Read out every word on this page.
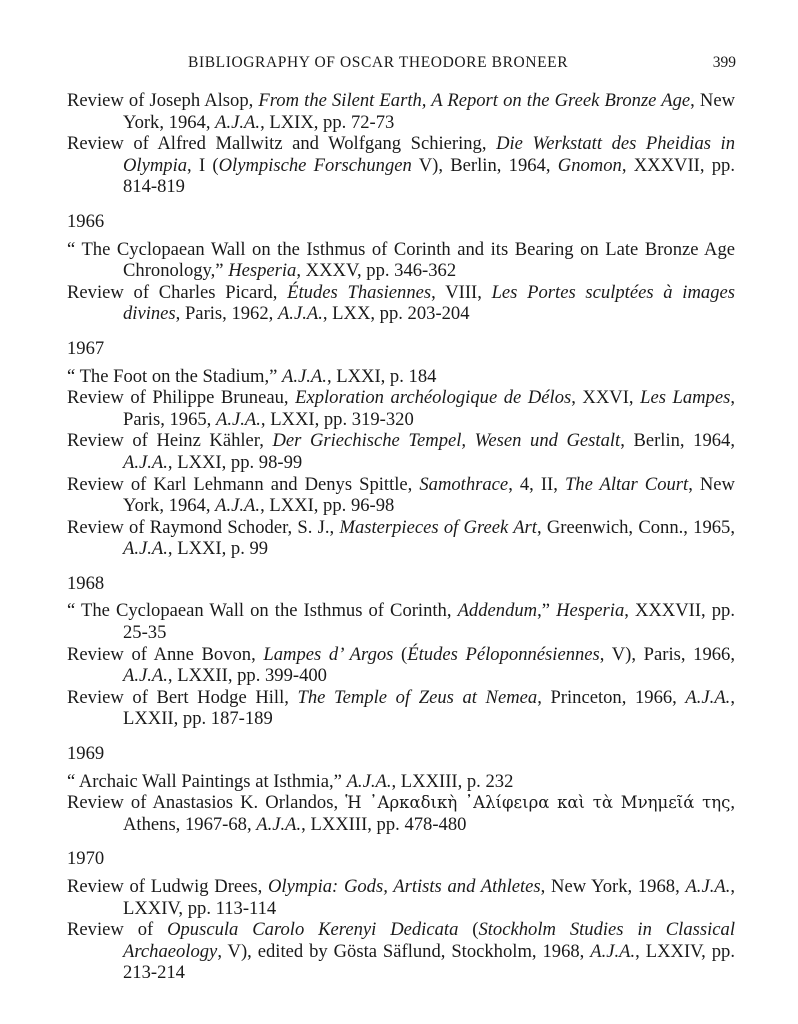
BIBLIOGRAPHY OF OSCAR THEODORE BRONEER	399
Review of Joseph Alsop, From the Silent Earth, A Report on the Greek Bronze Age, New York, 1964, A.J.A., LXIX, pp. 72-73
Review of Alfred Mallwitz and Wolfgang Schiering, Die Werkstatt des Pheidias in Olympia, I (Olympische Forschungen V), Berlin, 1964, Gnomon, XXXVII, pp. 814-819
1966
“ The Cyclopaean Wall on the Isthmus of Corinth and its Bearing on Late Bronze Age Chronology,” Hesperia, XXXV, pp. 346-362
Review of Charles Picard, Études Thasiennes, VIII, Les Portes sculptées à images divines, Paris, 1962, A.J.A., LXX, pp. 203-204
1967
“ The Foot on the Stadium,” A.J.A., LXXI, p. 184
Review of Philippe Bruneau, Exploration archéologique de Délos, XXVI, Les Lampes, Paris, 1965, A.J.A., LXXI, pp. 319-320
Review of Heinz Kähler, Der Griechische Tempel, Wesen und Gestalt, Berlin, 1964, A.J.A., LXXI, pp. 98-99
Review of Karl Lehmann and Denys Spittle, Samothrace, 4, II, The Altar Court, New York, 1964, A.J.A., LXXI, pp. 96-98
Review of Raymond Schoder, S. J., Masterpieces of Greek Art, Greenwich, Conn., 1965, A.J.A., LXXI, p. 99
1968
“ The Cyclopaean Wall on the Isthmus of Corinth, Addendum,” Hesperia, XXXVII, pp. 25-35
Review of Anne Bovon, Lampes d’ Argos (Études Péloponnésiennes, V), Paris, 1966, A.J.A., LXXII, pp. 399-400
Review of Bert Hodge Hill, The Temple of Zeus at Nemea, Princeton, 1966, A.J.A., LXXII, pp. 187-189
1969
“ Archaic Wall Paintings at Isthmia,” A.J.A., LXXIII, p. 232
Review of Anastasios K. Orlandos, Ἡ ᾿Αρκαδικὴ ᾿Αλίφειρα καὶ τὰ Μνημεῖά της, Athens, 1967-68, A.J.A., LXXIII, pp. 478-480
1970
Review of Ludwig Drees, Olympia: Gods, Artists and Athletes, New York, 1968, A.J.A., LXXIV, pp. 113-114
Review of Opuscula Carolo Kerenyi Dedicata (Stockholm Studies in Classical Archaeology, V), edited by Gösta Säflund, Stockholm, 1968, A.J.A., LXXIV, pp. 213-214
